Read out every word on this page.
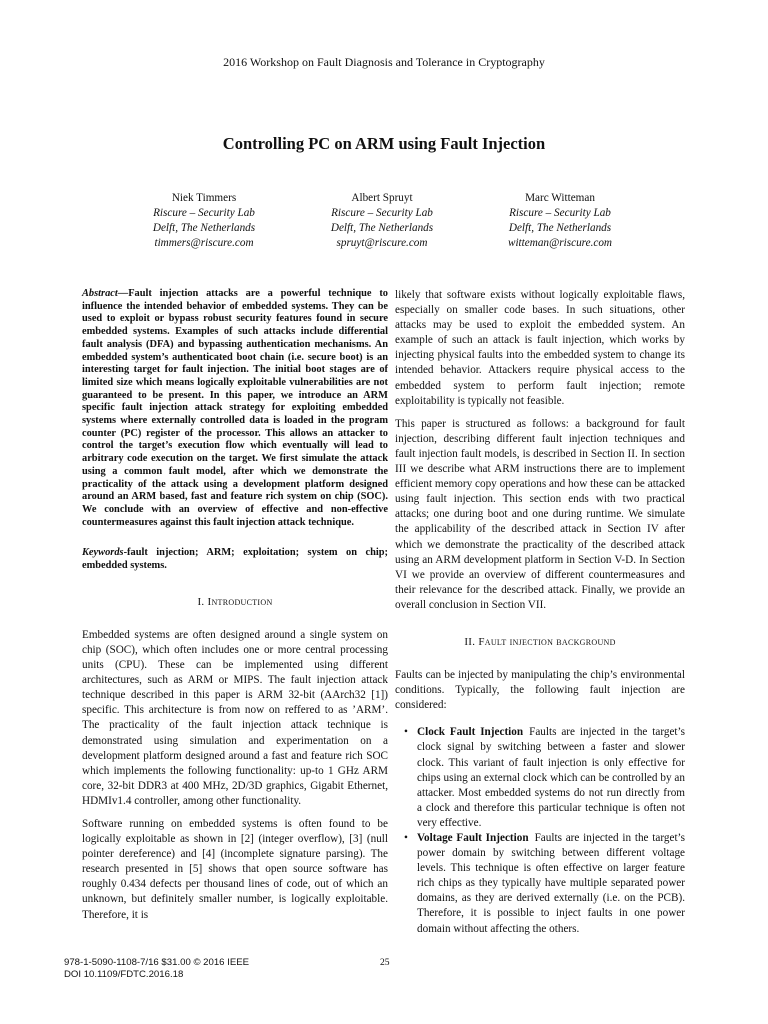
2016 Workshop on Fault Diagnosis and Tolerance in Cryptography
Controlling PC on ARM using Fault Injection
Niek Timmers
Riscure – Security Lab
Delft, The Netherlands
timmers@riscure.com
Albert Spruyt
Riscure – Security Lab
Delft, The Netherlands
spruyt@riscure.com
Marc Witteman
Riscure – Security Lab
Delft, The Netherlands
witteman@riscure.com

Abstract—Fault injection attacks are a powerful technique to influence the intended behavior of embedded systems. They can be used to exploit or bypass robust security features found in secure embedded systems. Examples of such attacks include differential fault analysis (DFA) and bypassing authentication mechanisms. An embedded system’s authenticated boot chain (i.e. secure boot) is an interesting target for fault injection. The initial boot stages are of limited size which means logically exploitable vulnerabilities are not guaranteed to be present. In this paper, we introduce an ARM specific fault injection attack strategy for exploiting embedded systems where externally controlled data is loaded in the program counter (PC) register of the processor. This allows an attacker to control the target’s execution flow which eventually will lead to arbitrary code execution on the target. We first simulate the attack using a common fault model, after which we demonstrate the practicality of the attack using a development platform designed around an ARM based, fast and feature rich system on chip (SOC). We conclude with an overview of effective and non-effective countermeasures against this fault injection attack technique.

Keywords-fault injection; ARM; exploitation; system on chip; embedded systems.

I. Introduction

Embedded systems are often designed around a single system on chip (SOC), which often includes one or more central processing units (CPU). These can be implemented using different architectures, such as ARM or MIPS. The fault injection attack technique described in this paper is ARM 32-bit (AArch32 [1]) specific. This architecture is from now on reffered to as ’ARM’. The practicality of the fault injection attack technique is demonstrated using simulation and experimentation on a development platform designed around a fast and feature rich SOC which implements the following functionality: up-to 1 GHz ARM core, 32-bit DDR3 at 400 MHz, 2D/3D graphics, Gigabit Ethernet, HDMIv1.4 controller, among other functionality.

Software running on embedded systems is often found to be logically exploitable as shown in [2] (integer overflow), [3] (null pointer dereference) and [4] (incomplete signature parsing). The research presented in [5] shows that open source software has roughly 0.434 defects per thousand lines of code, out of which an unknown, but definitely smaller number, is logically exploitable. Therefore, it is

likely that software exists without logically exploitable flaws, especially on smaller code bases. In such situations, other attacks may be used to exploit the embedded system. An example of such an attack is fault injection, which works by injecting physical faults into the embedded system to change its intended behavior. Attackers require physical access to the embedded system to perform fault injection; remote exploitability is typically not feasible.

This paper is structured as follows: a background for fault injection, describing different fault injection techniques and fault injection fault models, is described in Section II. In section III we describe what ARM instructions there are to implement efficient memory copy operations and how these can be attacked using fault injection. This section ends with two practical attacks; one during boot and one during runtime. We simulate the applicability of the described attack in Section IV after which we demonstrate the practicality of the described attack using an ARM development platform in Section V-D. In Section VI we provide an overview of different countermeasures and their relevance for the described attack. Finally, we provide an overall conclusion in Section VII.

II. Fault injection background

Faults can be injected by manipulating the chip’s environmental conditions. Typically, the following fault injection are considered:

• Clock Fault Injection Faults are injected in the target’s clock signal by switching between a faster and slower clock. This variant of fault injection is only effective for chips using an external clock which can be controlled by an attacker. Most embedded systems do not run directly from a clock and therefore this particular technique is often not very effective.
• Voltage Fault Injection Faults are injected in the target’s power domain by switching between different voltage levels. This technique is often effective on larger feature rich chips as they typically have multiple separated power domains, as they are derived externally (i.e. on the PCB). Therefore, it is possible to inject faults in one power domain without affecting the others.
978-1-5090-1108-7/16 $31.00 © 2016 IEEE
DOI 10.1109/FDTC.2016.18
25
